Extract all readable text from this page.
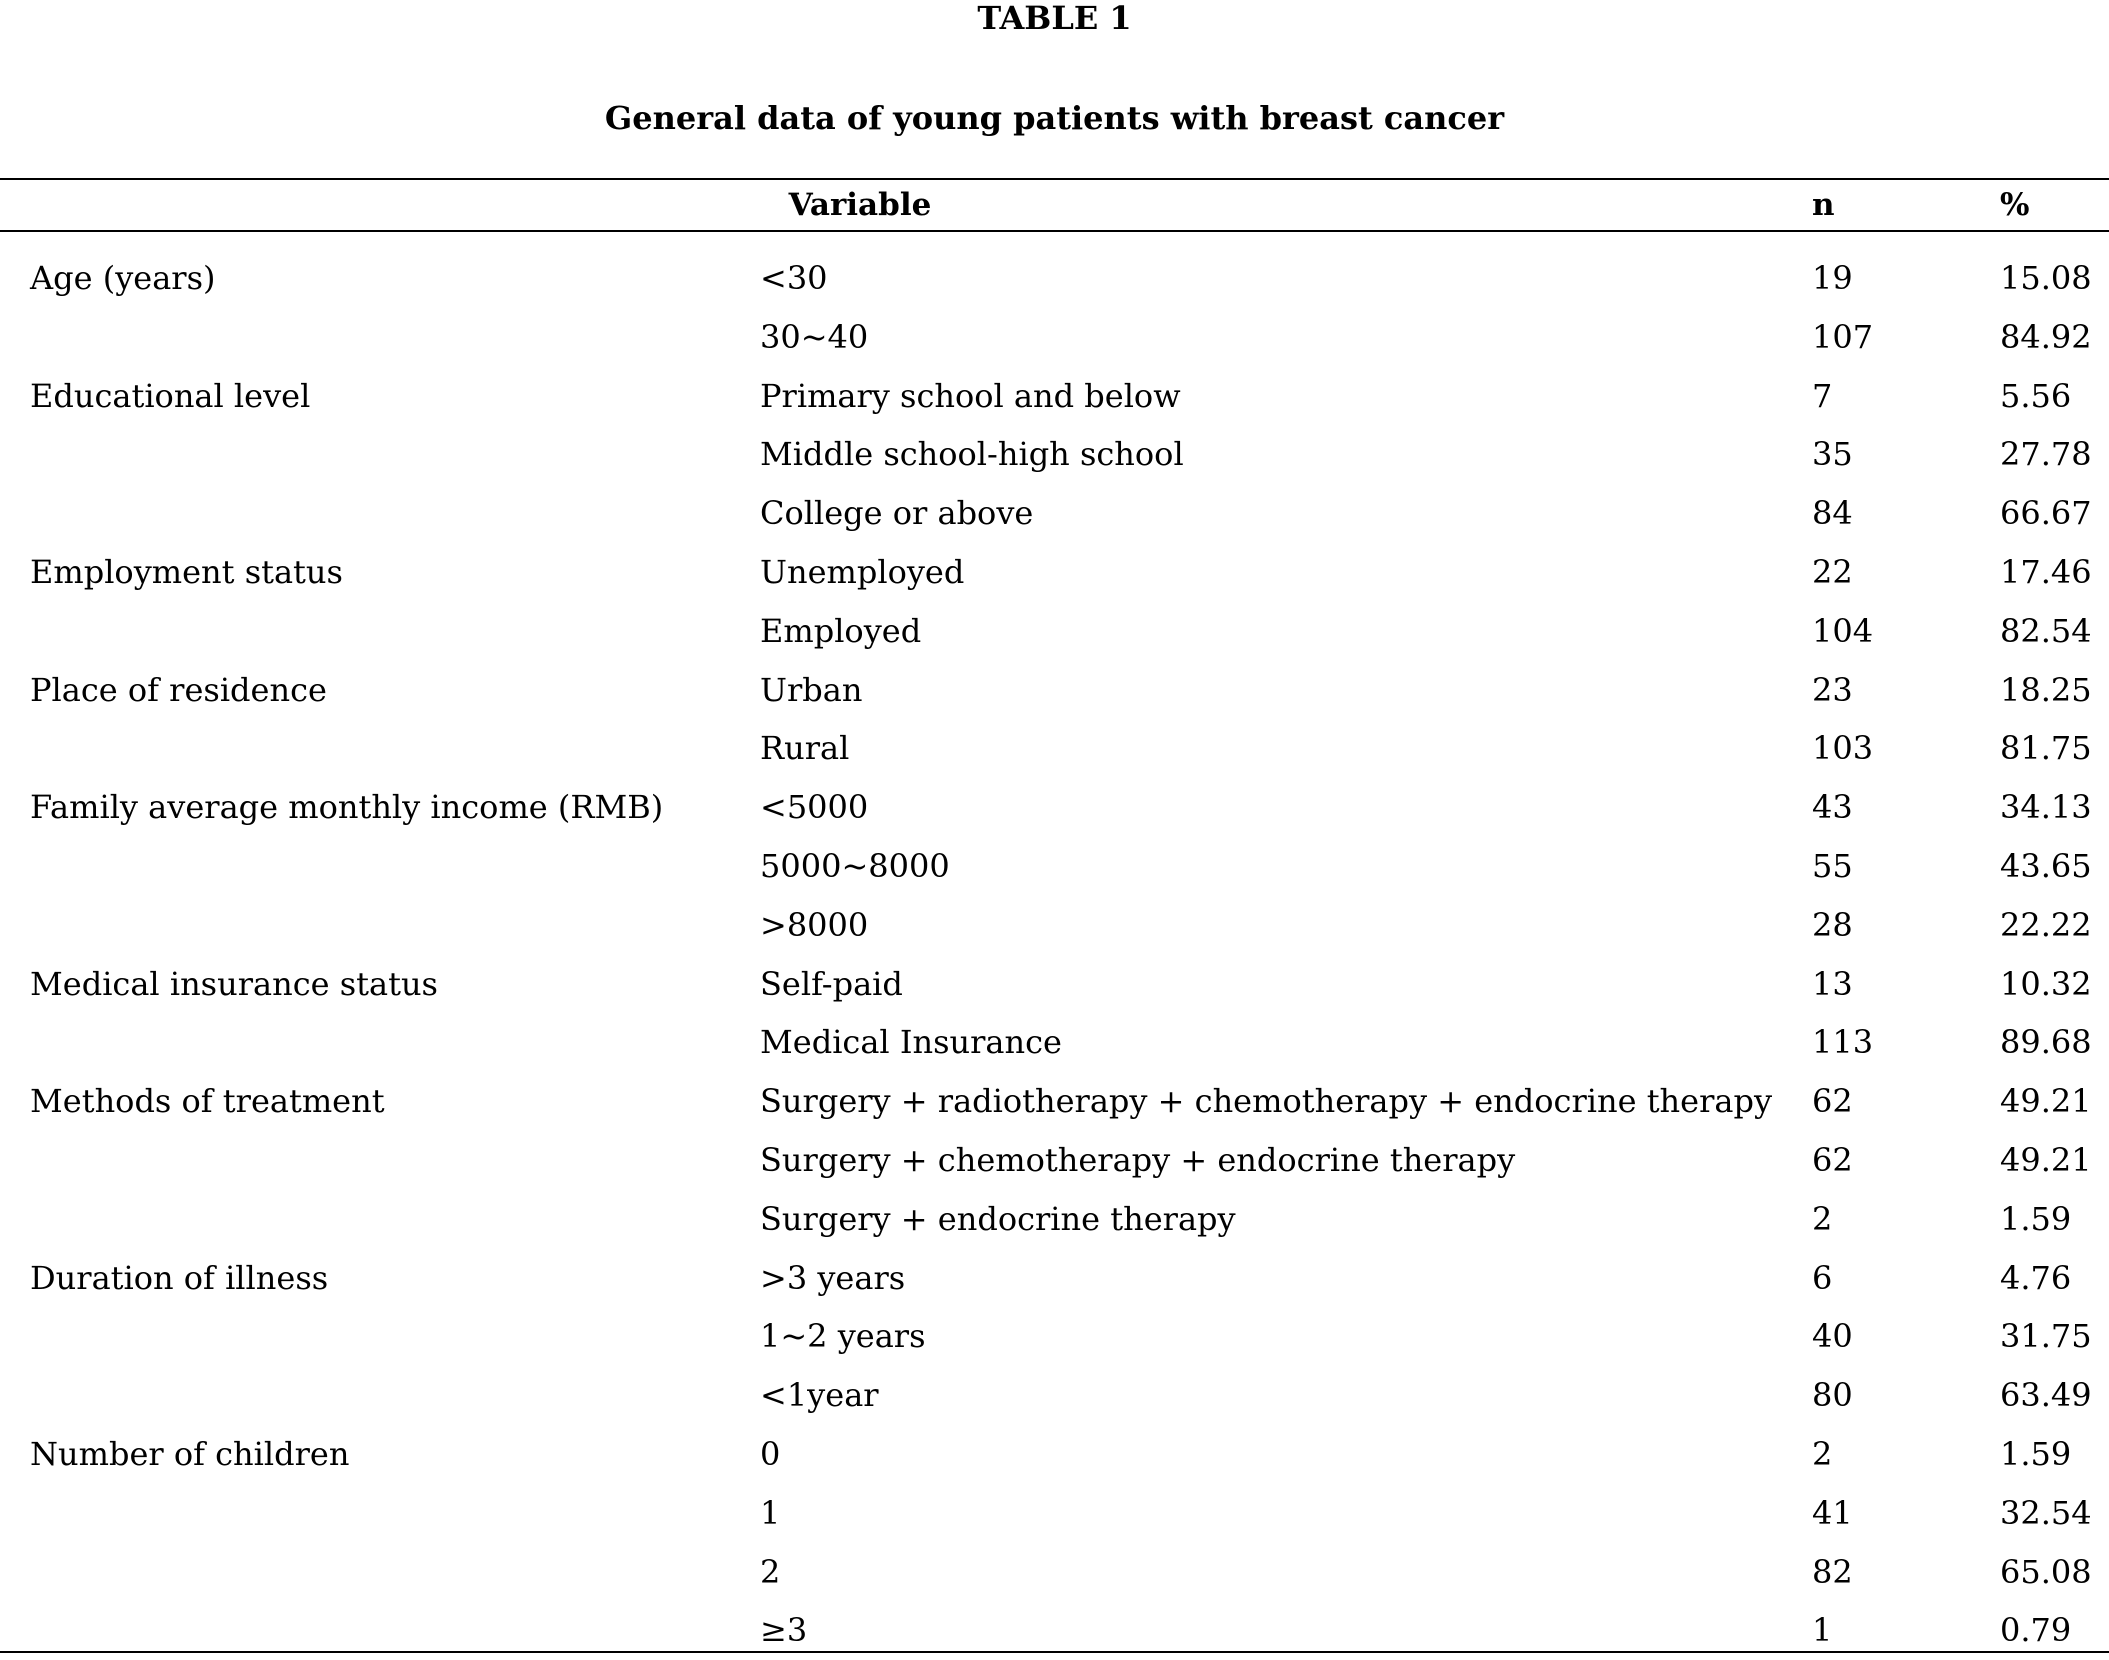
TABLE 1
General data of young patients with breast cancer
Variable	n	%
Age (years)	<30	19	15.08
30~40	107	84.92
Educational level	Primary school and below	7	5.56
Middle school-high school	35	27.78
College or above	84	66.67
Employment status	Unemployed	22	17.46
Employed	104	82.54
Place of residence	Urban	23	18.25
Rural	103	81.75
Family average monthly income (RMB)	<5000	43	34.13
5000~8000	55	43.65
>8000	28	22.22
Medical insurance status	Self-paid	13	10.32
Medical Insurance	113	89.68
Methods of treatment	Surgery + radiotherapy + chemotherapy + endocrine therapy 62	49.21
Surgery + chemotherapy + endocrine therapy	62	49.21
Surgery + endocrine therapy	2	1.59
Duration of illness	>3 years	6	4.76
1~2 years	40	31.75
<1year	80	63.49
Number of children	0	2	1.59
1	41	32.54
2	82	65.08
≥3	1	0.79
